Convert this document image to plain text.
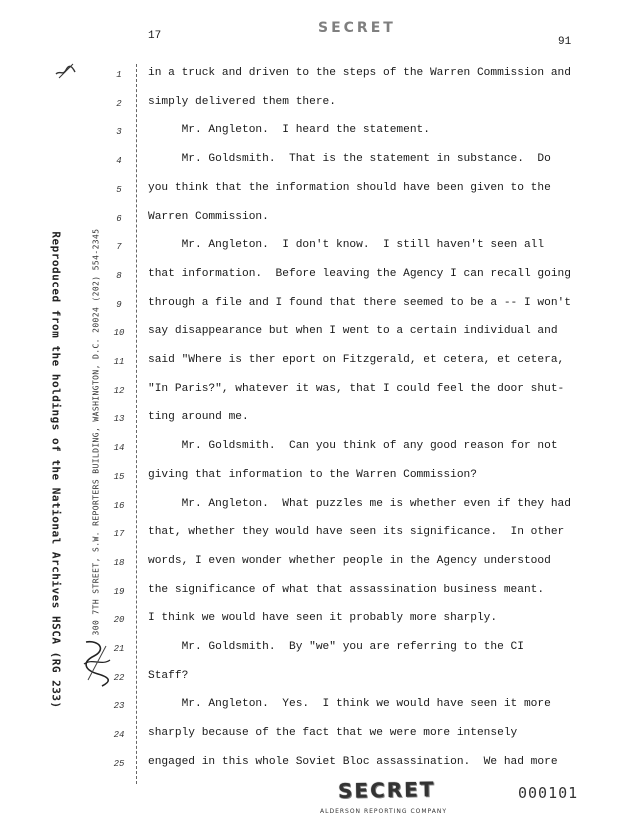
17	SECRET
91
Reproduced from the holdings of the National Archives HSCA (RG 233)	300 7TH STREET, S.W. REPORTERS BUILDING, WASHINGTON, D.C. 20024 (202) 554-2345
1
2
3
4
5
6
7
8
9
10
11
12
13
14
15
16
17
18
19
20
21
22
23
24
25
in a truck and driven to the steps of the Warren Commission and
simply delivered them there.
Mr. Angleton.  I heard the statement.
Mr. Goldsmith.  That is the statement in substance.  Do
you think that the information should have been given to the
Warren Commission.
Mr. Angleton.  I don't know.  I still haven't seen all
that information.  Before leaving the Agency I can recall going
through a file and I found that there seemed to be a -- I won't
say disappearance but when I went to a certain individual and
said "Where is ther eport on Fitzgerald, et cetera, et cetera,
"In Paris?", whatever it was, that I could feel the door shut-
ting around me.
Mr. Goldsmith.  Can you think of any good reason for not
giving that information to the Warren Commission?
Mr. Angleton.  What puzzles me is whether even if they had
that, whether they would have seen its significance.  In other
words, I even wonder whether people in the Agency understood
the significance of what that assassination business meant.
I think we would have seen it probably more sharply.
Mr. Goldsmith.  By "we" you are referring to the CI
Staff?
Mr. Angleton.  Yes.  I think we would have seen it more
sharply because of the fact that we were more intensely
engaged in this whole Soviet Bloc assassination.  We had more
SECRET
ALDERSON REPORTING COMPANY
000101
